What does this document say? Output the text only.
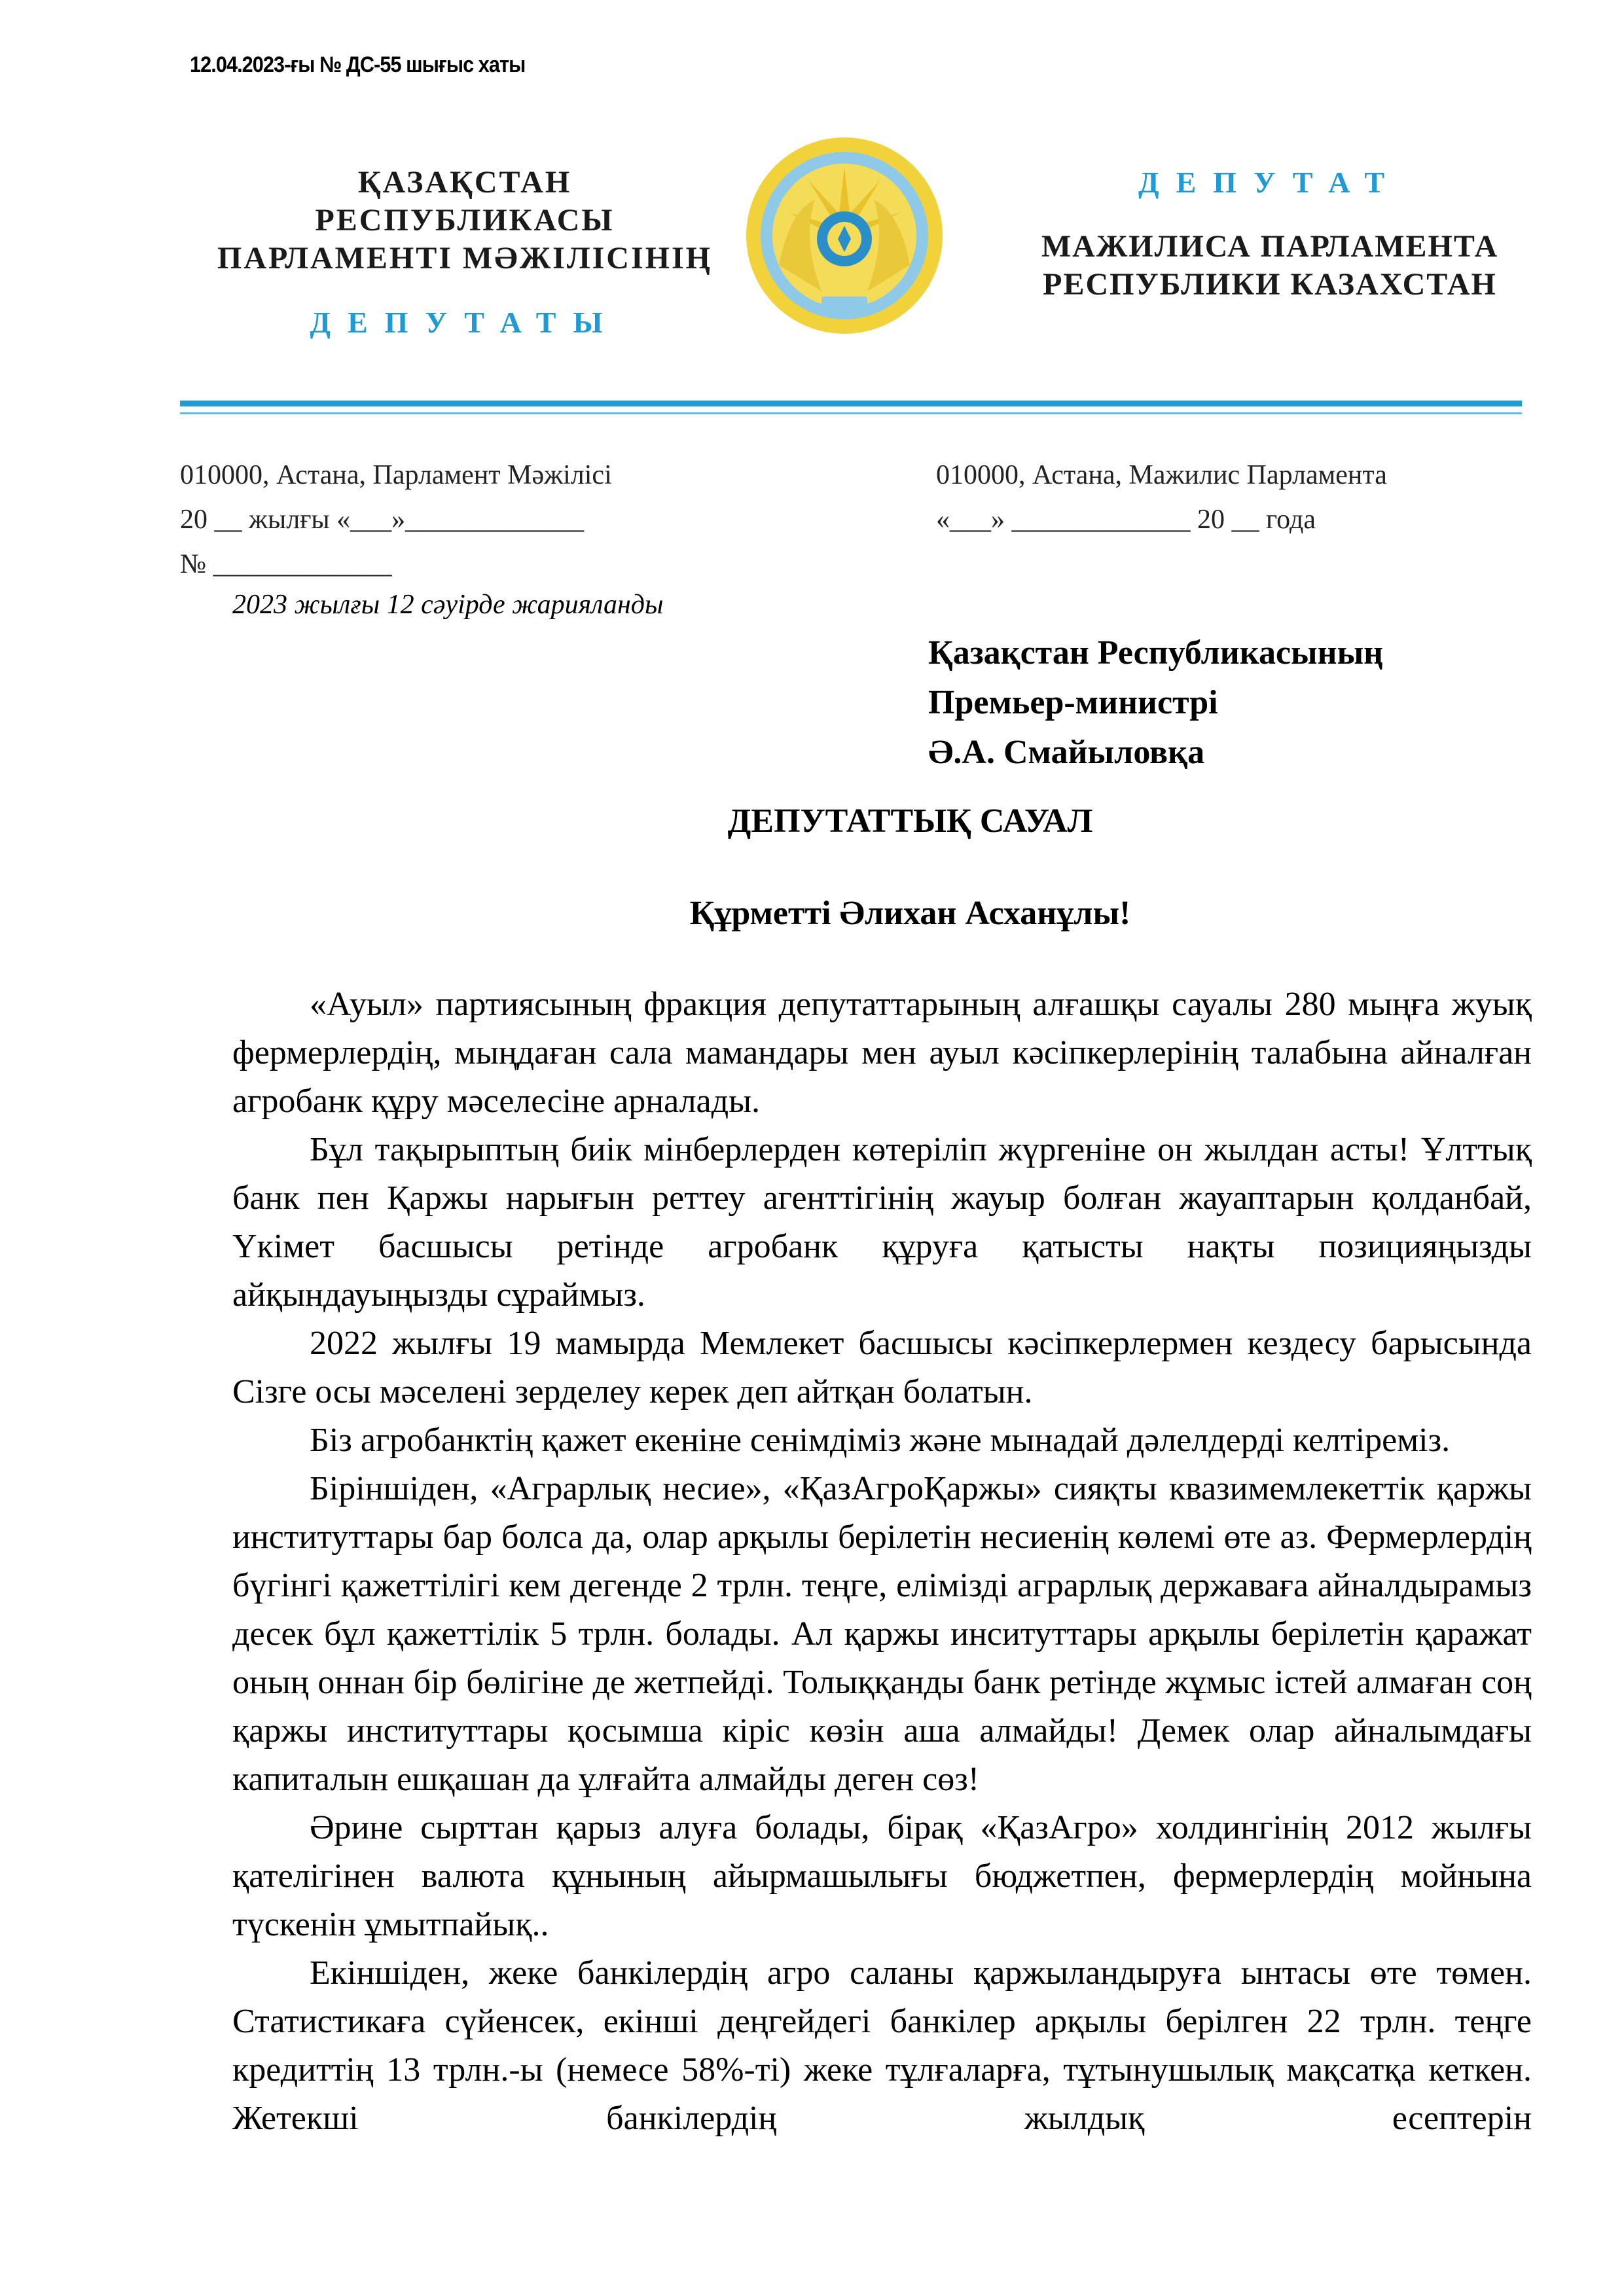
12.04.2023-ғы № ДС-55 шығыс хаты
ҚАЗАҚСТАН РЕСПУБЛИКАСЫ
ПАРЛАМЕНТІ МӘЖІЛІСІНІҢ
ДЕПУТАТЫ
ДЕПУТАТ
МАЖИЛИСА ПАРЛАМЕНТА
РЕСПУБЛИКИ КАЗАХСТАН
010000, Астана, Парламент Мәжілісі
20 __ жылғы «___»_____________
№ _____________
010000, Астана, Мажилис Парламента
«___» _____________ 20 __ года
2023 жылғы 12 сәуірде жарияланды
Қазақстан Республикасының
Премьер-министрі
Ә.А. Смайыловқа
ДЕПУТАТТЫҚ САУАЛ
Құрметті Әлихан Асханұлы!

«Ауыл» партиясының фракция депутаттарының алғашқы сауалы 280 мыңға жуық фермерлердің, мыңдаған сала мамандары мен ауыл кәсіпкерлерінің талабына айналған агробанк құру мәселесіне арналады.

Бұл тақырыптың биік мінберлерден көтеріліп жүргеніне он жылдан асты! Ұлттық банк пен Қаржы нарығын реттеу агенттігінің жауыр болған жауаптарын қолданбай, Үкімет басшысы ретінде агробанк құруға қатысты нақты позицияңызды айқындауыңызды сұраймыз.

2022 жылғы 19 мамырда Мемлекет басшысы кәсіпкерлермен кездесу барысында Сізге осы мәселені зерделеу керек деп айтқан болатын.

Біз агробанктің қажет екеніне сенімдіміз және мынадай дәлелдерді келтіреміз.

Біріншіден, «Аграрлық несие», «ҚазАгроҚаржы» сияқты квазимемлекеттік қаржы институттары бар болса да, олар арқылы берілетін несиенің көлемі өте аз. Фермерлердің бүгінгі қажеттілігі кем дегенде 2 трлн. теңге, елімізді аграрлық державаға айналдырамыз десек бұл қажеттілік 5 трлн. болады. Ал қаржы инситуттары арқылы берілетін қаражат оның оннан бір бөлігіне де жетпейді. Толыққанды банк ретінде жұмыс істей алмаған соң қаржы институттары қосымша кіріс көзін аша алмайды! Демек олар айналымдағы капиталын ешқашан да ұлғайта алмайды деген сөз!

Әрине сырттан қарыз алуға болады, бірақ «ҚазАгро» холдингінің 2012 жылғы қателігінен валюта құнының айырмашылығы бюджетпен, фермерлердің мойнына түскенін ұмытпайық..

Екіншіден, жеке банкілердің агро саланы қаржыландыруға ынтасы өте төмен. Статистикаға сүйенсек, екінші деңгейдегі банкілер арқылы берілген 22 трлн. теңге кредиттің 13 трлн.-ы (немесе 58%-ті) жеке тұлғаларға, тұтынушылық мақсатқа кеткен. Жетекші банкілердің жылдық есептерін
